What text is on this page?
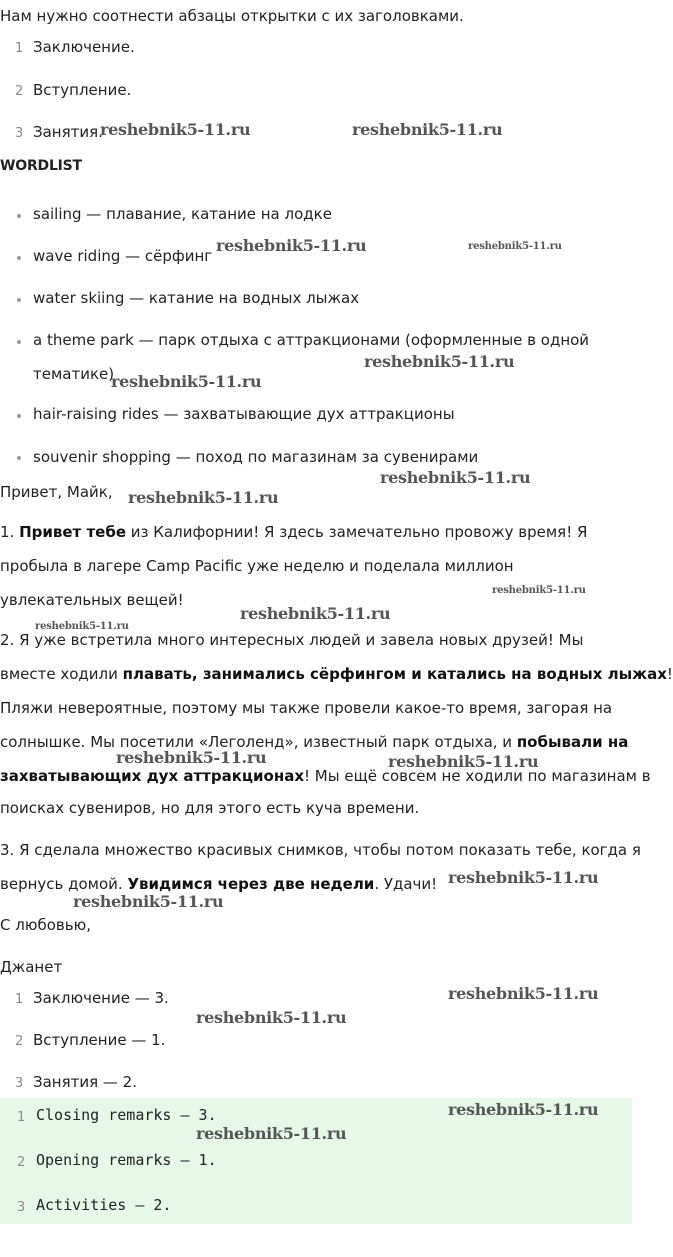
Нам нужно соотнести абзацы открытки с их заголовками.
1 Заключение.
2 Вступление.
3 Занятия.
WORDLIST
sailing — плавание, катание на лодке
wave riding — сёрфинг
water skiing — катание на водных лыжах
a theme park — парк отдыха с аттракционами (оформленные в одной
тематике)
hair-raising rides — захватывающие дух аттракционы
souvenir shopping — поход по магазинам за сувенирами
Привет, Майк,
1. Привет тебе из Калифорнии! Я здесь замечательно провожу время! Я
пробыла в лагере Camp Pacific уже неделю и поделала миллион
увлекательных вещей!
2. Я уже встретила много интересных людей и завела новых друзей! Мы
вместе ходили плавать, занимались сёрфингом и катались на водных лыжах!
Пляжи невероятные, поэтому мы также провели какое-то время, загорая на
солнышке. Мы посетили «Леголенд», известный парк отдыха, и побывали на
захватывающих дух аттракционах! Мы ещё совсем не ходили по магазинам в
поисках сувениров, но для этого есть куча времени.
3. Я сделала множество красивых снимков, чтобы потом показать тебе, когда я
вернусь домой. Увидимся через две недели. Удачи!
С любовью,
Джанет
1 Заключение — 3.
2 Вступление — 1.
3 Занятия — 2.
1 Closing remarks — 3.
2 Opening remarks — 1.
3 Activities — 2.
reshebnik5-11.ru	reshebnik5-11.ru
reshebnik5-11.ru	reshebnik5-11.ru
reshebnik5-11.ru
reshebnik5-11.ru
reshebnik5-11.ru
reshebnik5-11.ru
reshebnik5-11.ru
reshebnik5-11.ru
reshebnik5-11.ru
reshebnik5-11.ru	reshebnik5-11.ru
reshebnik5-11.ru
reshebnik5-11.ru
reshebnik5-11.ru
reshebnik5-11.ru
reshebnik5-11.ru
reshebnik5-11.ru
